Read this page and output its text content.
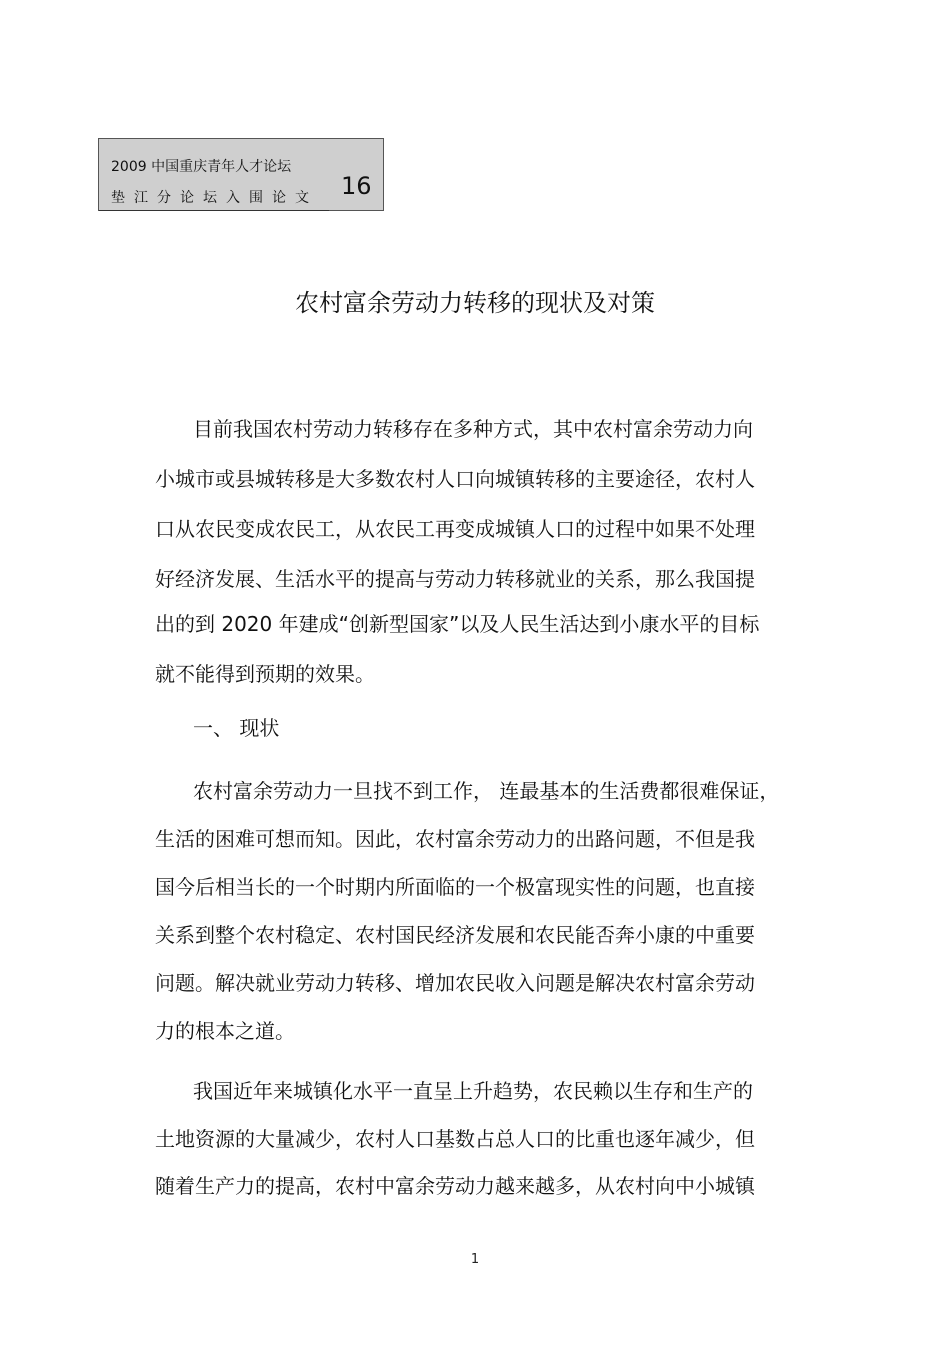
2009 中国重庆青年人才论坛
垫江分论坛入围论文 16
农村富余劳动力转移的现状及对策
目前我国农村劳动力转移存在多种方式，其中农村富余劳动力向
小城市或县城转移是大多数农村人口向城镇转移的主要途径，农村人
口从农民变成农民工，从农民工再变成城镇人口的过程中如果不处理
好经济发展、生活水平的提高与劳动力转移就业的关系，那么我国提
出的到 2020 年建成“创新型国家”以及人民生活达到小康水平的目标
就不能得到预期的效果。
一、 现状
农村富余劳动力一旦找不到工作， 连最基本的生活费都很难保证，
生活的困难可想而知。因此，农村富余劳动力的出路问题，不但是我
国今后相当长的一个时期内所面临的一个极富现实性的问题，也直接
关系到整个农村稳定、农村国民经济发展和农民能否奔小康的中重要
问题。解决就业劳动力转移、增加农民收入问题是解决农村富余劳动
力的根本之道。
我国近年来城镇化水平一直呈上升趋势，农民赖以生存和生产的
土地资源的大量减少，农村人口基数占总人口的比重也逐年减少，但
随着生产力的提高，农村中富余劳动力越来越多，从农村向中小城镇
1
